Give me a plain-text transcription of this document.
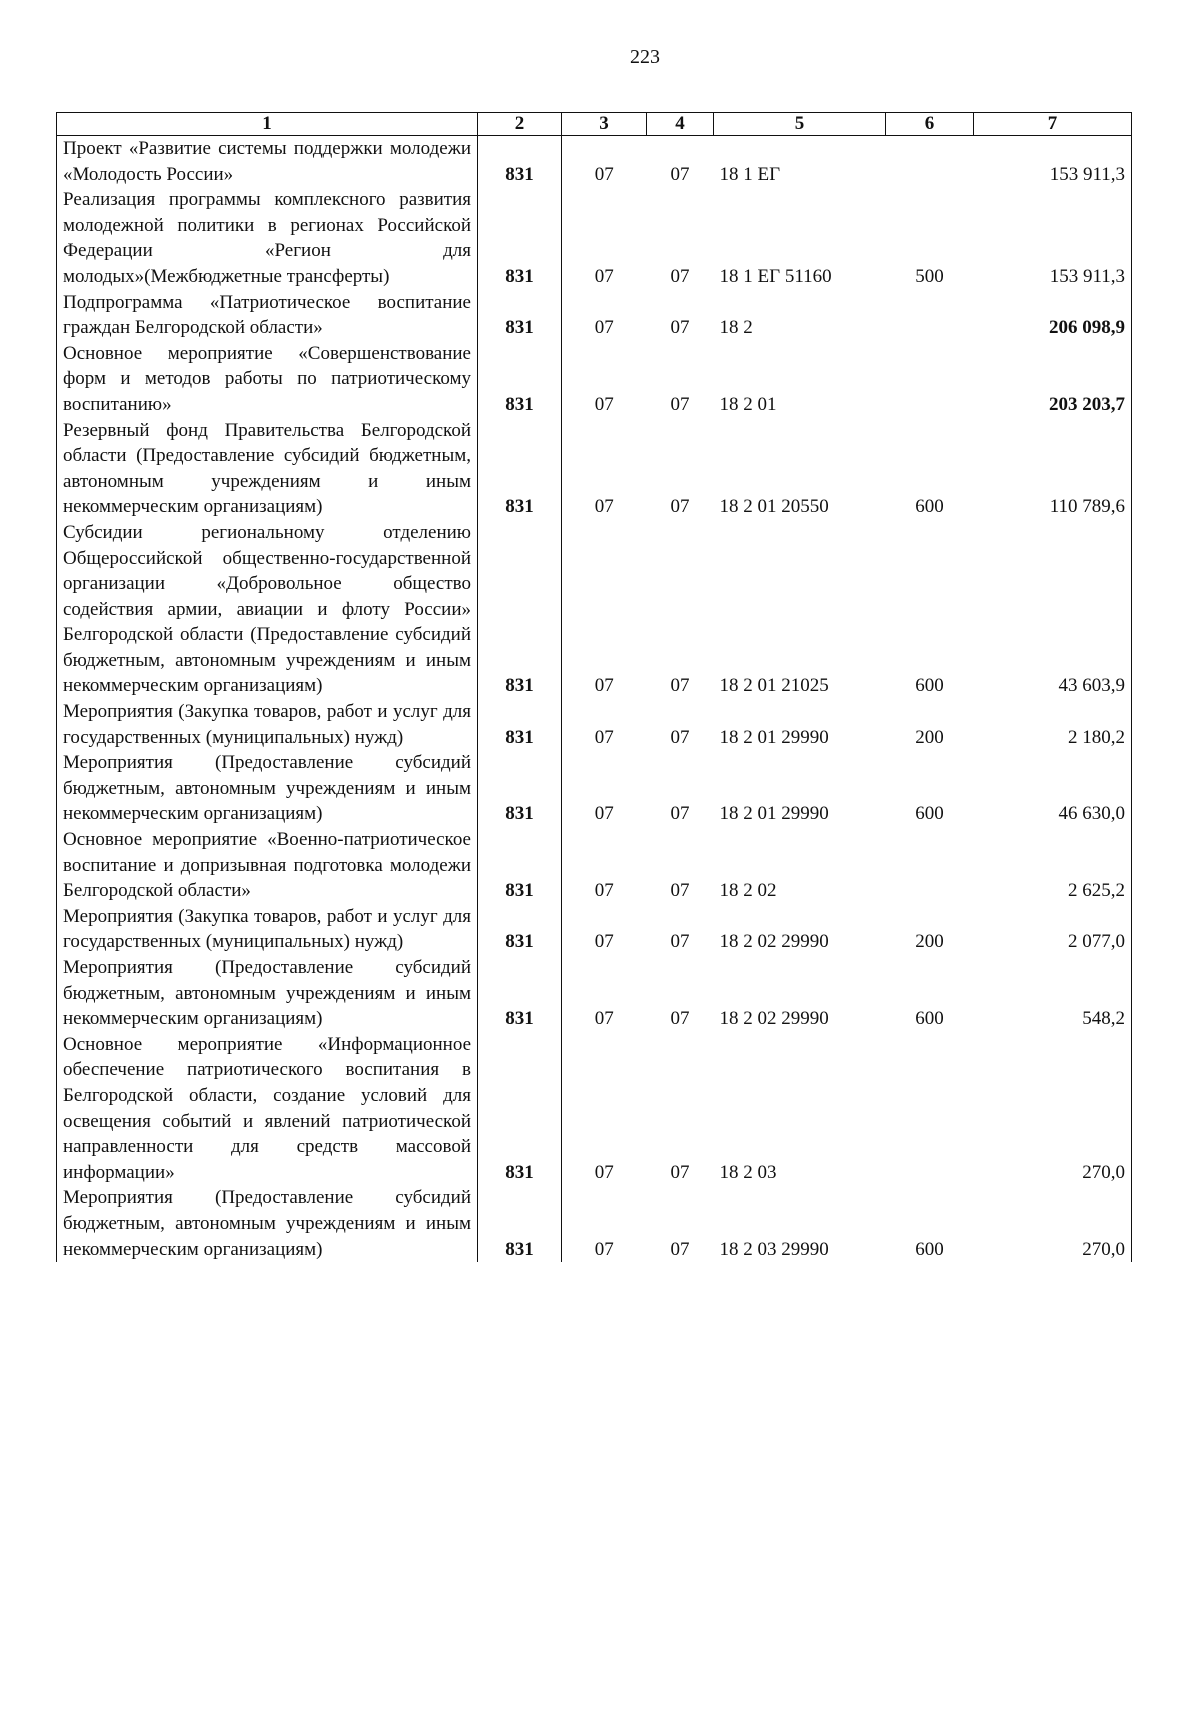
223
1	2	3	4	5	6	7
Проект «Развитие системы поддержки молодежи «Молодость России»	831	07	07	18 1 ЕГ		153 911,3
Реализация программы комплексного развития молодежной политики в регионах Российской Федерации «Регион для молодых»(Межбюджетные трансферты)	831	07	07	18 1 ЕГ 51160	500	153 911,3
Подпрограмма «Патриотическое воспитание граждан Белгородской области»	831	07	07	18 2		206 098,9
Основное мероприятие «Совершенствование форм и методов работы по патриотическому воспитанию»	831	07	07	18 2 01		203 203,7
Резервный фонд Правительства Белгородской области (Предоставление субсидий бюджетным, автономным учреждениям и иным некоммерческим организациям)	831	07	07	18 2 01 20550	600	110 789,6
Субсидии региональному отделению Общероссийской общественно-государственной организации «Добровольное общество содействия армии, авиации и флоту России» Белгородской области (Предоставление субсидий бюджетным, автономным учреждениям и иным некоммерческим организациям)	831	07	07	18 2 01 21025	600	43 603,9
Мероприятия (Закупка товаров, работ и услуг для государственных (муниципальных) нужд)	831	07	07	18 2 01 29990	200	2 180,2
Мероприятия (Предоставление субсидий бюджетным, автономным учреждениям и иным некоммерческим организациям)	831	07	07	18 2 01 29990	600	46 630,0
Основное мероприятие «Военно-патриотическое воспитание и допризывная подготовка молодежи Белгородской области»	831	07	07	18 2 02		2 625,2
Мероприятия (Закупка товаров, работ и услуг для государственных (муниципальных) нужд)	831	07	07	18 2 02 29990	200	2 077,0
Мероприятия (Предоставление субсидий бюджетным, автономным учреждениям и иным некоммерческим организациям)	831	07	07	18 2 02 29990	600	548,2
Основное мероприятие «Информационное обеспечение патриотического воспитания в Белгородской области, создание условий для освещения событий и явлений патриотической направленности для средств массовой информации»	831	07	07	18 2 03		270,0
Мероприятия (Предоставление субсидий бюджетным, автономным учреждениям и иным некоммерческим организациям)	831	07	07	18 2 03 29990	600	270,0
